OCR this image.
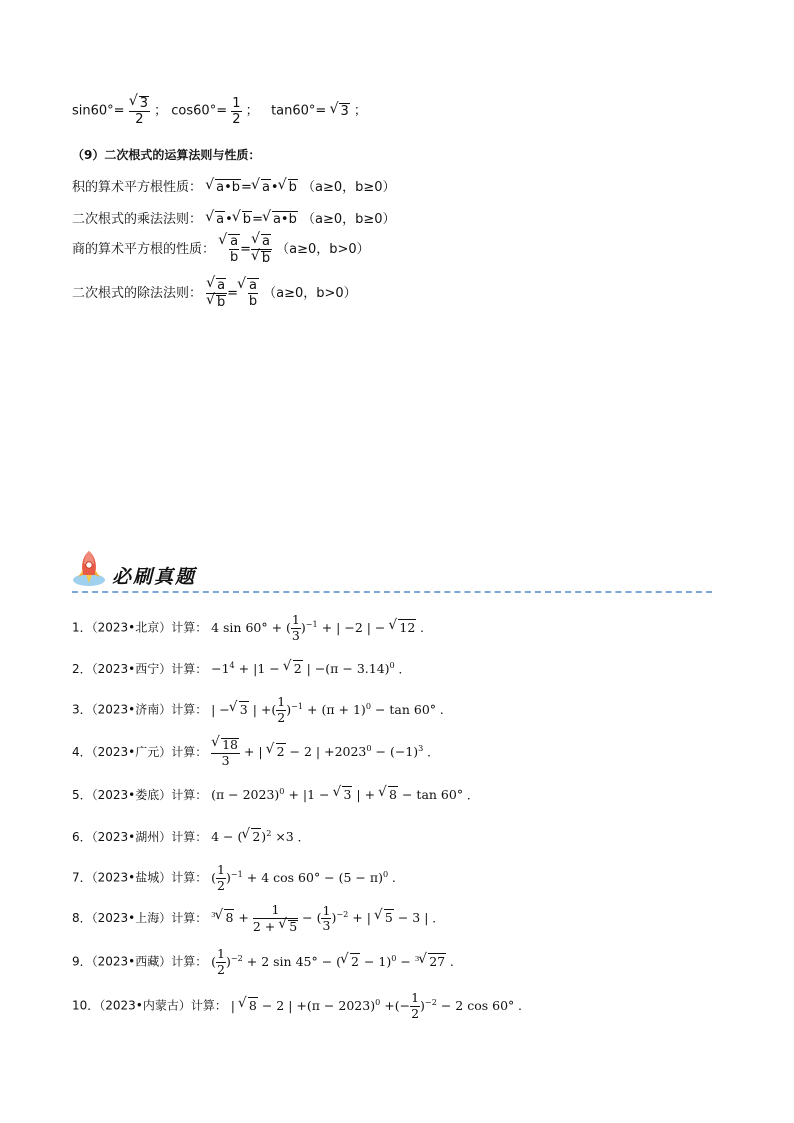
sin60°= √ $\frac{3}{2}$ ； $\cos 60^\circ= \frac{1}{2}$ ； tan60°= √ 3 ；
（9）二次根式的运算法则与性质：
积的算术平方根性质： √ a•b= √ a• √ b （a≥0，b≥0）
二次根式的乘法法则： √ a• √ b= √ a•b （a≥0，b≥0）
商的算术平方根的性质： √ $\frac{a}{b}$ = √ a
√ b （a≥0，b>0）
二次根式的除法法则： √ a
√ b = √ $\frac{a}{b} (a\ge 0$，b>0）
必刷真题
1．（2023•北京）计算： 4 sin 60° + ( $\frac{1}{3} )^{-1}$ + | −2 | − √ 12 ．
2．（2023•西宁）计算： $-1^4 + |1$ − √ 2 | $-(\pi - 3.14)^0$ ．
3．（2023•济南）计算： | − √ 3 | +( $\frac{1}{2} )^{-1} + (\pi + 1)^0 - \tan 60^\circ$ ．
4．（2023•广元）计算： √ $\frac{18}{3}$ + | √ 2 − 2 | $+2023^0 - (-1)^3$ ．
5．（2023•娄底）计算： $(\pi - 2023)^0 + |1$ − √ 3 | + √ 8 − tan 60° ．
6．（2023•湖州）计算： 4 − ( √ 2)$^2$ ×3 ．
7．（2023•盐城）计算： ( $\frac{1}{2} )^{-1} + 4$ $\cos 60^\circ - (5 - \pi)^0$ ．
8．（2023•上海）计算： $^3$ √ $8 + \frac{1}{2 + √ 5}$ − ( $\frac{1}{3} )^{-2}$ + | √ 5 − 3 | ．
9．（2023•西藏）计算： ( $\frac{1}{2} )^{-2} + 2$ sin 45° − ( √ 2 − 1)$^0$ − $^3$ √ 27 ．
10．（2023•内蒙古）计算： | √ 8 − 2 | $+(\pi - 2023)^0$ +(− $\frac{1}{2} )^{-2} - 2$ cos 60° ．
